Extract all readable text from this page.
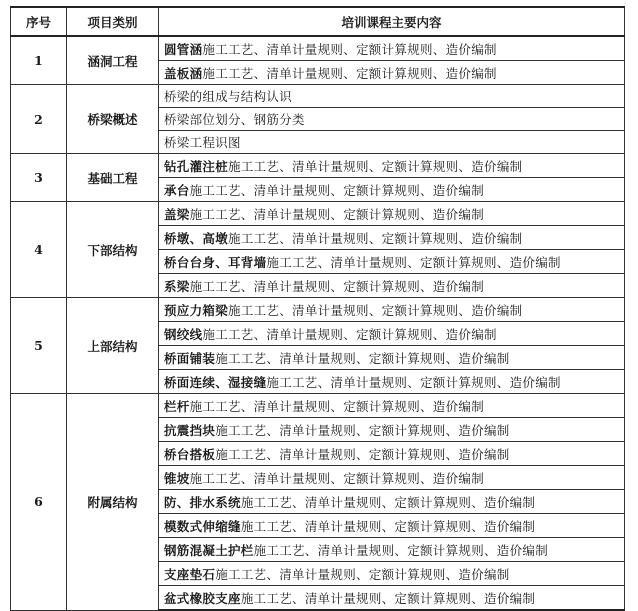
序号	项目类别	培训课程主要内容
1	涵洞工程	圆管涵施工工艺、清单计量规则、定额计算规则、造价编制
		盖板涵施工工艺、清单计量规则、定额计算规则、造价编制
2	桥梁概述	桥梁的组成与结构认识
		桥梁部位划分、钢筋分类
		桥梁工程识图
3	基础工程	钻孔灌注桩施工工艺、清单计量规则、定额计算规则、造价编制
		承台施工工艺、清单计量规则、定额计算规则、造价编制
4	下部结构	盖梁施工工艺、清单计量规则、定额计算规则、造价编制
		桥墩、高墩施工工艺、清单计量规则、定额计算规则、造价编制
		桥台台身、耳背墙施工工艺、清单计量规则、定额计算规则、造价编制
		系梁施工工艺、清单计量规则、定额计算规则、造价编制
5	上部结构	预应力箱梁施工工艺、清单计量规则、定额计算规则、造价编制
		钢绞线施工工艺、清单计量规则、定额计算规则、造价编制
		桥面铺装施工工艺、清单计量规则、定额计算规则、造价编制
		桥面连续、湿接缝施工工艺、清单计量规则、定额计算规则、造价编制
6	附属结构	栏杆施工工艺、清单计量规则、定额计算规则、造价编制
		抗震挡块施工工艺、清单计量规则、定额计算规则、造价编制
		桥台搭板施工工艺、清单计量规则、定额计算规则、造价编制
		锥坡施工工艺、清单计量规则、定额计算规则、造价编制
		防、排水系统施工工艺、清单计量规则、定额计算规则、造价编制
		模数式伸缩缝施工工艺、清单计量规则、定额计算规则、造价编制
		钢筋混凝土护栏施工工艺、清单计量规则、定额计算规则、造价编制
		支座垫石施工工艺、清单计量规则、定额计算规则、造价编制
		盆式橡胶支座施工工艺、清单计量规则、定额计算规则、造价编制
